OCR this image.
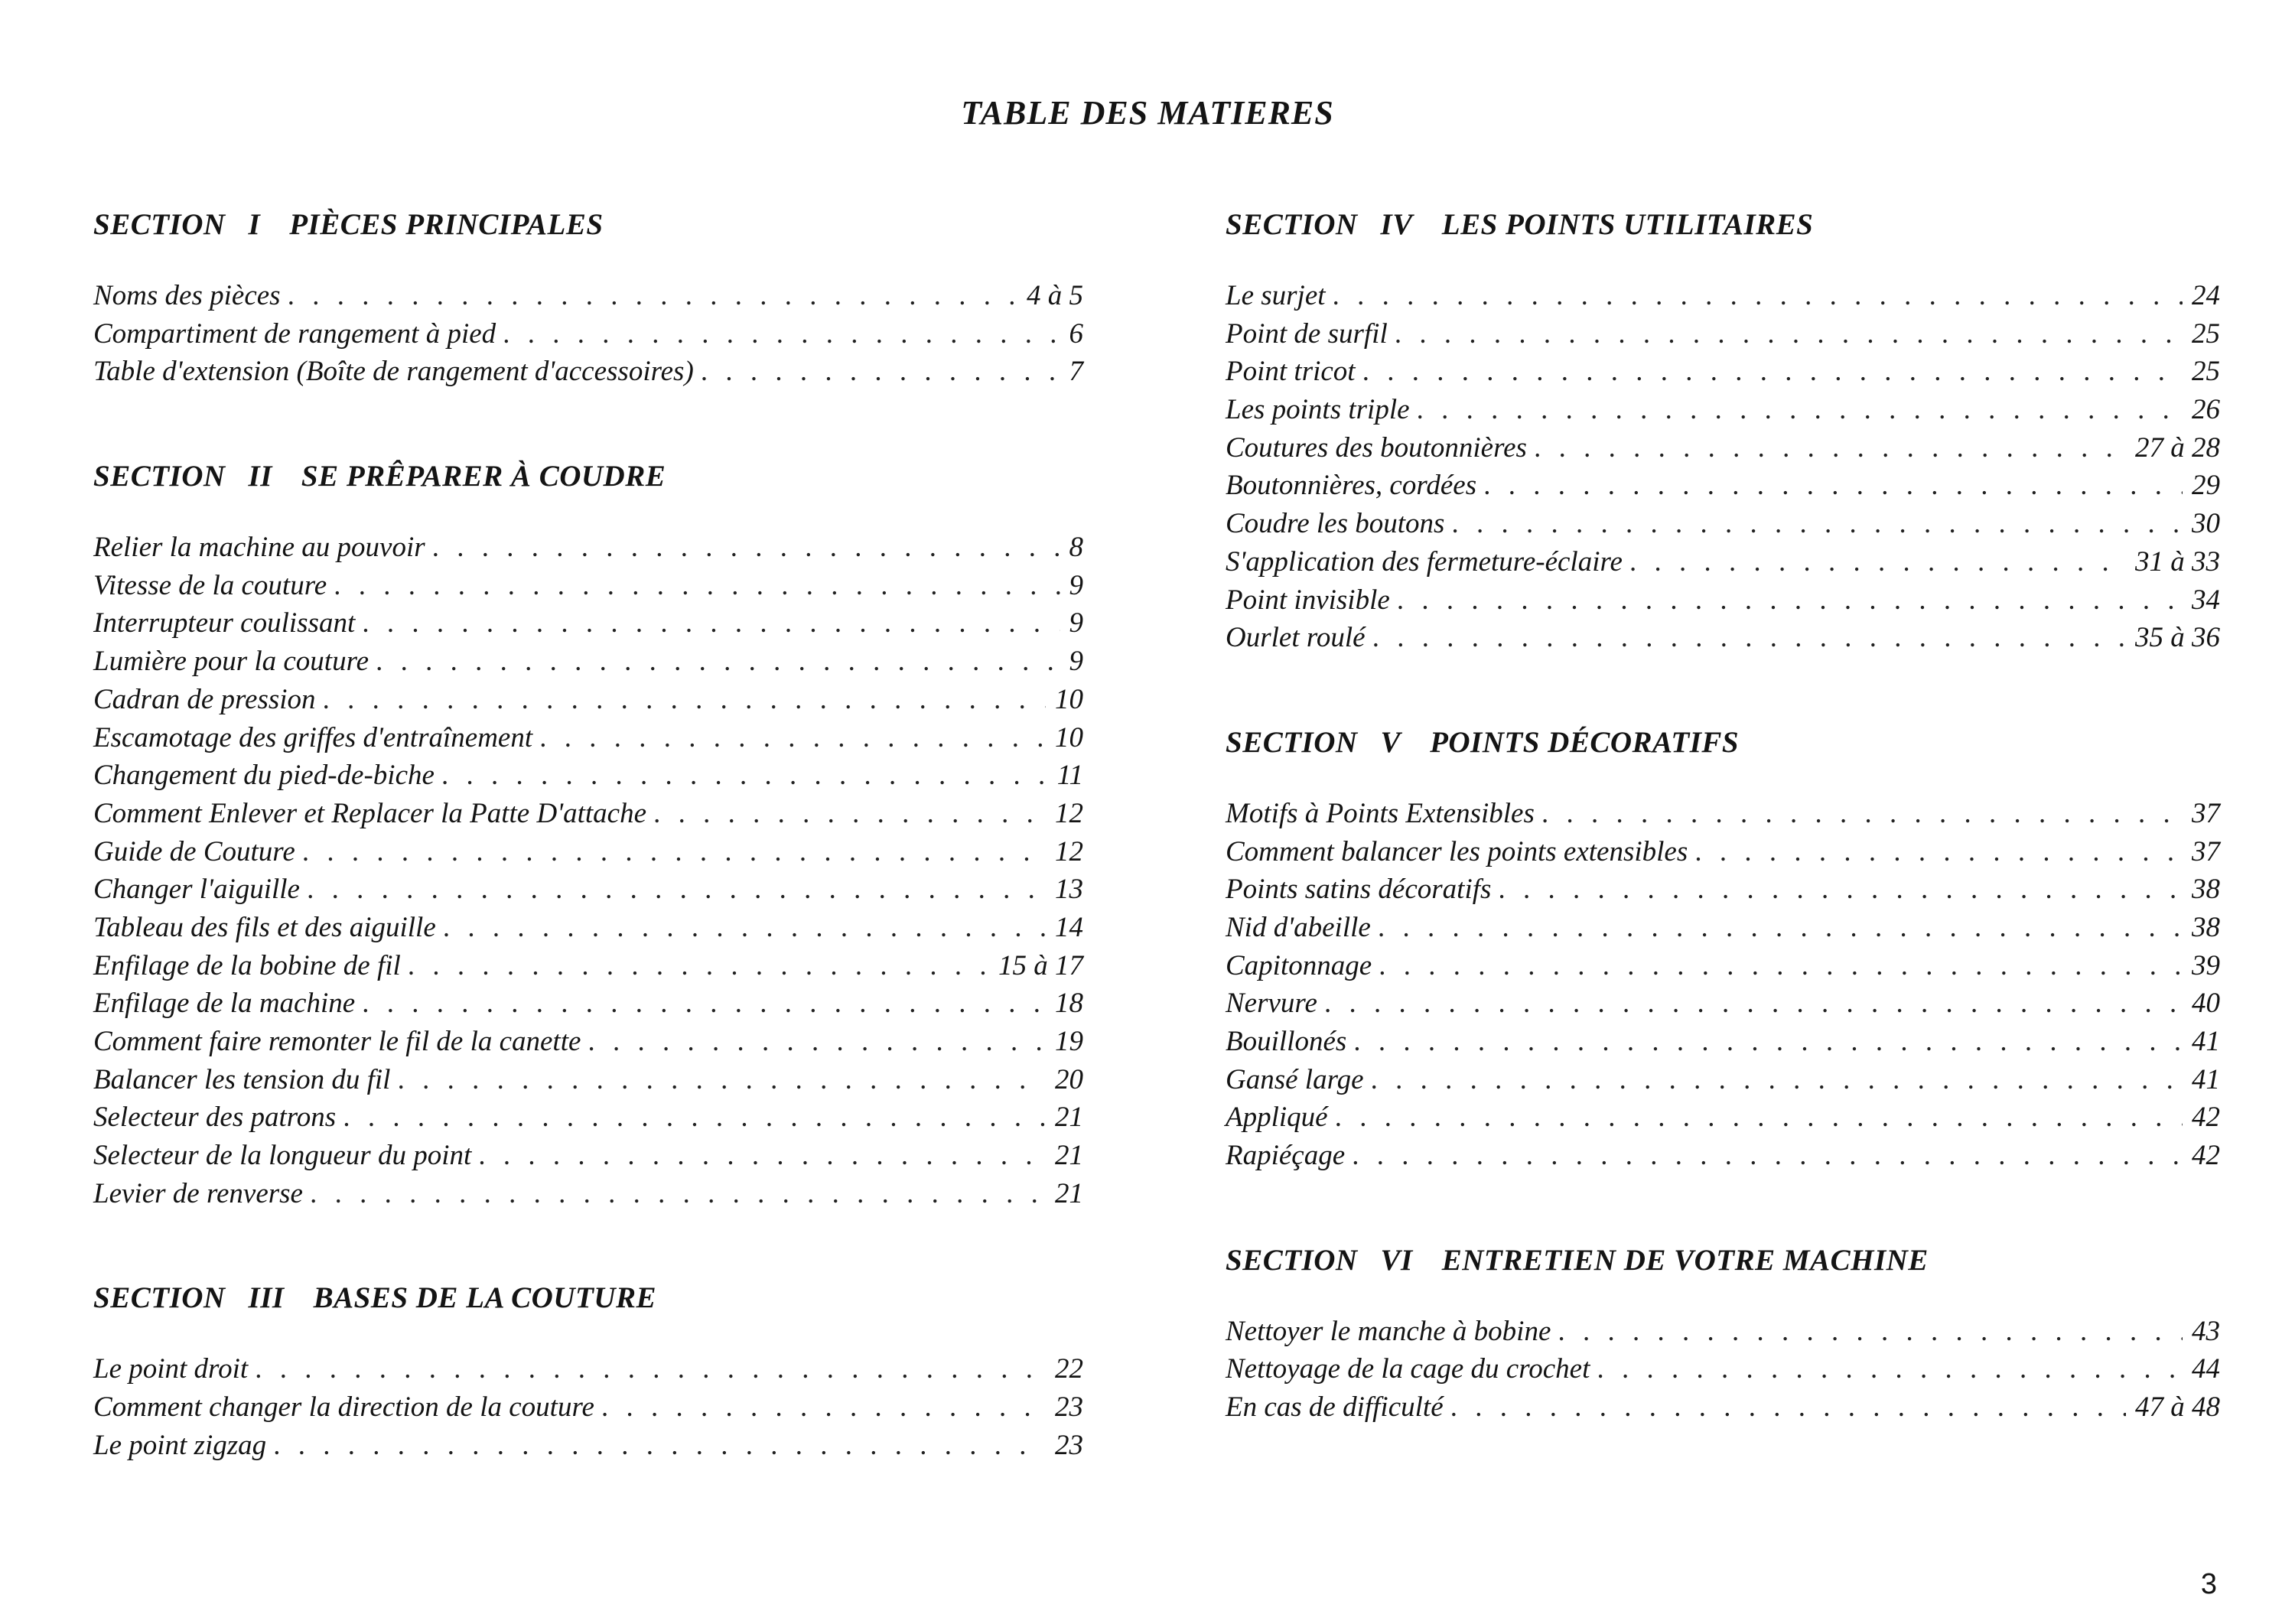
TABLE DES MATIERES
SECTION I PIÈCES PRINCIPALES
Noms des pièces . . .	4 à 5
Compartiment de rangement à pied . . .	6
Table d'extension (Boîte de rangement d'accessoires) . . .	7
SECTION II SE PRÊPARER À COUDRE
Relier la machine au pouvoir . . .	8
Vitesse de la couture . . .	9
Interrupteur coulissant . . .	9
Lumière pour la couture . . .	9
Cadran de pression . . .	10
Escamotage des griffes d'entraînement . . .	10
Changement du pied-de-biche . . .	11
Comment Enlever et Replacer la Patte D'attache . . .	12
Guide de Couture . . .	12
Changer l'aiguille . . .	13
Tableau des fils et des aiguille . . .	14
Enfilage de la bobine de fil . . .	15 à 17
Enfilage de la machine . . .	18
Comment faire remonter le fil de la canette . . .	19
Balancer les tension du fil . . .	20
Selecteur des patrons . . .	21
Selecteur de la longueur du point . . .	21
Levier de renverse . . .	21
SECTION III BASES DE LA COUTURE
Le point droit . . .	22
Comment changer la direction de la couture . . .	23
Le point zigzag . . .	23
SECTION IV LES POINTS UTILITAIRES
Le surjet . . .	24
Point de surfil . . .	25
Point tricot . . .	25
Les points triple . . .	26
Coutures des boutonnières . . .	27 à 28
Boutonnières, cordées . . .	29
Coudre les boutons . . .	30
S'application des fermeture-éclaire . . .	31 à 33
Point invisible . . .	34
Ourlet roulé . . .	35 à 36
SECTION V POINTS DÉCORATIFS
Motifs à Points Extensibles . . .	37
Comment balancer les points extensibles . . .	37
Points satins décoratifs . . .	38
Nid d'abeille . . .	38
Capitonnage . . .	39
Nervure . . .	40
Bouillonés . . .	41
Gansé large . . .	41
Appliqué . . .	42
Rapiéçage . . .	42
SECTION VI ENTRETIEN DE VOTRE MACHINE
Nettoyer le manche à bobine . . .	43
Nettoyage de la cage du crochet . . .	44
En cas de difficulté . . .	47 à 48
3
